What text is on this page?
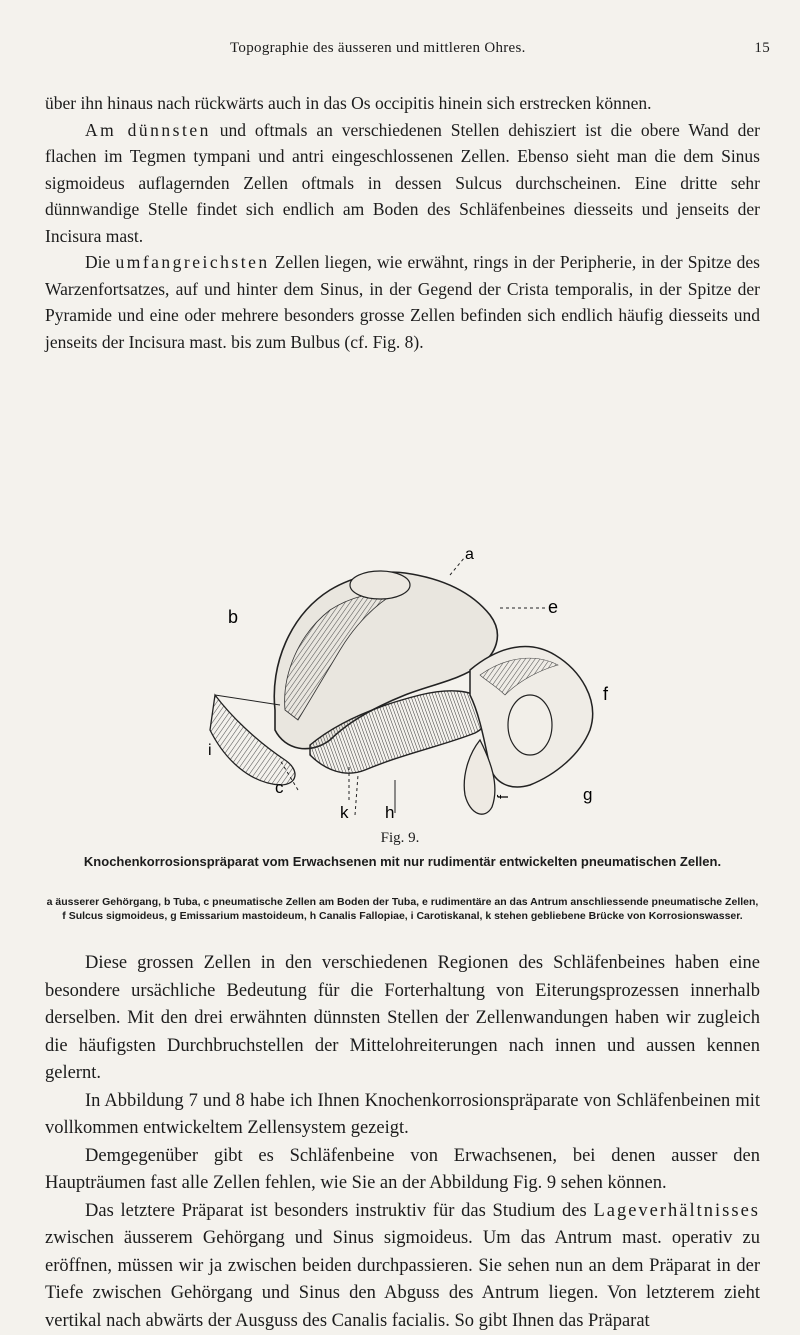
Topographie des äusseren und mittleren Ohres.	15

über ihn hinaus nach rückwärts auch in das Os occipitis hinein sich erstrecken können.

Am dünnsten und oftmals an verschiedenen Stellen dehisziert ist die obere Wand der flachen im Tegmen tympani und antri eingeschlossenen Zellen. Ebenso sieht man die dem Sinus sigmoideus auflagernden Zellen oftmals in dessen Sulcus durchscheinen. Eine dritte sehr dünnwandige Stelle findet sich endlich am Boden des Schläfenbeines diesseits und jenseits der Incisura mast.

Die umfangreichsten Zellen liegen, wie erwähnt, rings in der Peripherie, in der Spitze des Warzenfortsatzes, auf und hinter dem Sinus, in der Gegend der Crista temporalis, in der Spitze der Pyramide und eine oder mehrere besonders grosse Zellen befinden sich endlich häufig diesseits und jenseits der Incisura mast. bis zum Bulbus (cf. Fig. 8).

a
e
b
f
i
c
k h
f	g
Fig. 9.
Knochenkorrosionspräparat vom Erwachsenen mit nur rudimentär entwickelten pneumatischen Zellen.
a äusserer Gehörgang, b Tuba, c pneumatische Zellen am Boden der Tuba, e rudimentäre an das Antrum anschliessende pneumatische Zellen, f Sulcus sigmoideus, g Emissarium mastoideum, h Canalis Fallopiae, i Carotiskanal, k stehen gebliebene Brücke von Korrosionswasser.

Diese grossen Zellen in den verschiedenen Regionen des Schläfenbeines haben eine besondere ursächliche Bedeutung für die Forterhaltung von Eiterungsprozessen innerhalb derselben. Mit den drei erwähnten dünnsten Stellen der Zellenwandungen haben wir zugleich die häufigsten Durchbruchstellen der Mittelohreiterungen nach innen und aussen kennen gelernt.

In Abbildung 7 und 8 habe ich Ihnen Knochenkorrosionspräparate von Schläfenbeinen mit vollkommen entwickeltem Zellensystem gezeigt.

Demgegenüber gibt es Schläfenbeine von Erwachsenen, bei denen ausser den Haupträumen fast alle Zellen fehlen, wie Sie an der Abbildung Fig. 9 sehen können.

Das letztere Präparat ist besonders instruktiv für das Studium des Lageverhältnisses zwischen äusserem Gehörgang und Sinus sigmoideus. Um das Antrum mast. operativ zu eröffnen, müssen wir ja zwischen beiden durchpassieren. Sie sehen nun an dem Präparat in der Tiefe zwischen Gehörgang und Sinus den Abguss des Antrum liegen. Von letzterem zieht vertikal nach abwärts der Ausguss des Canalis facialis. So gibt Ihnen das Präparat
